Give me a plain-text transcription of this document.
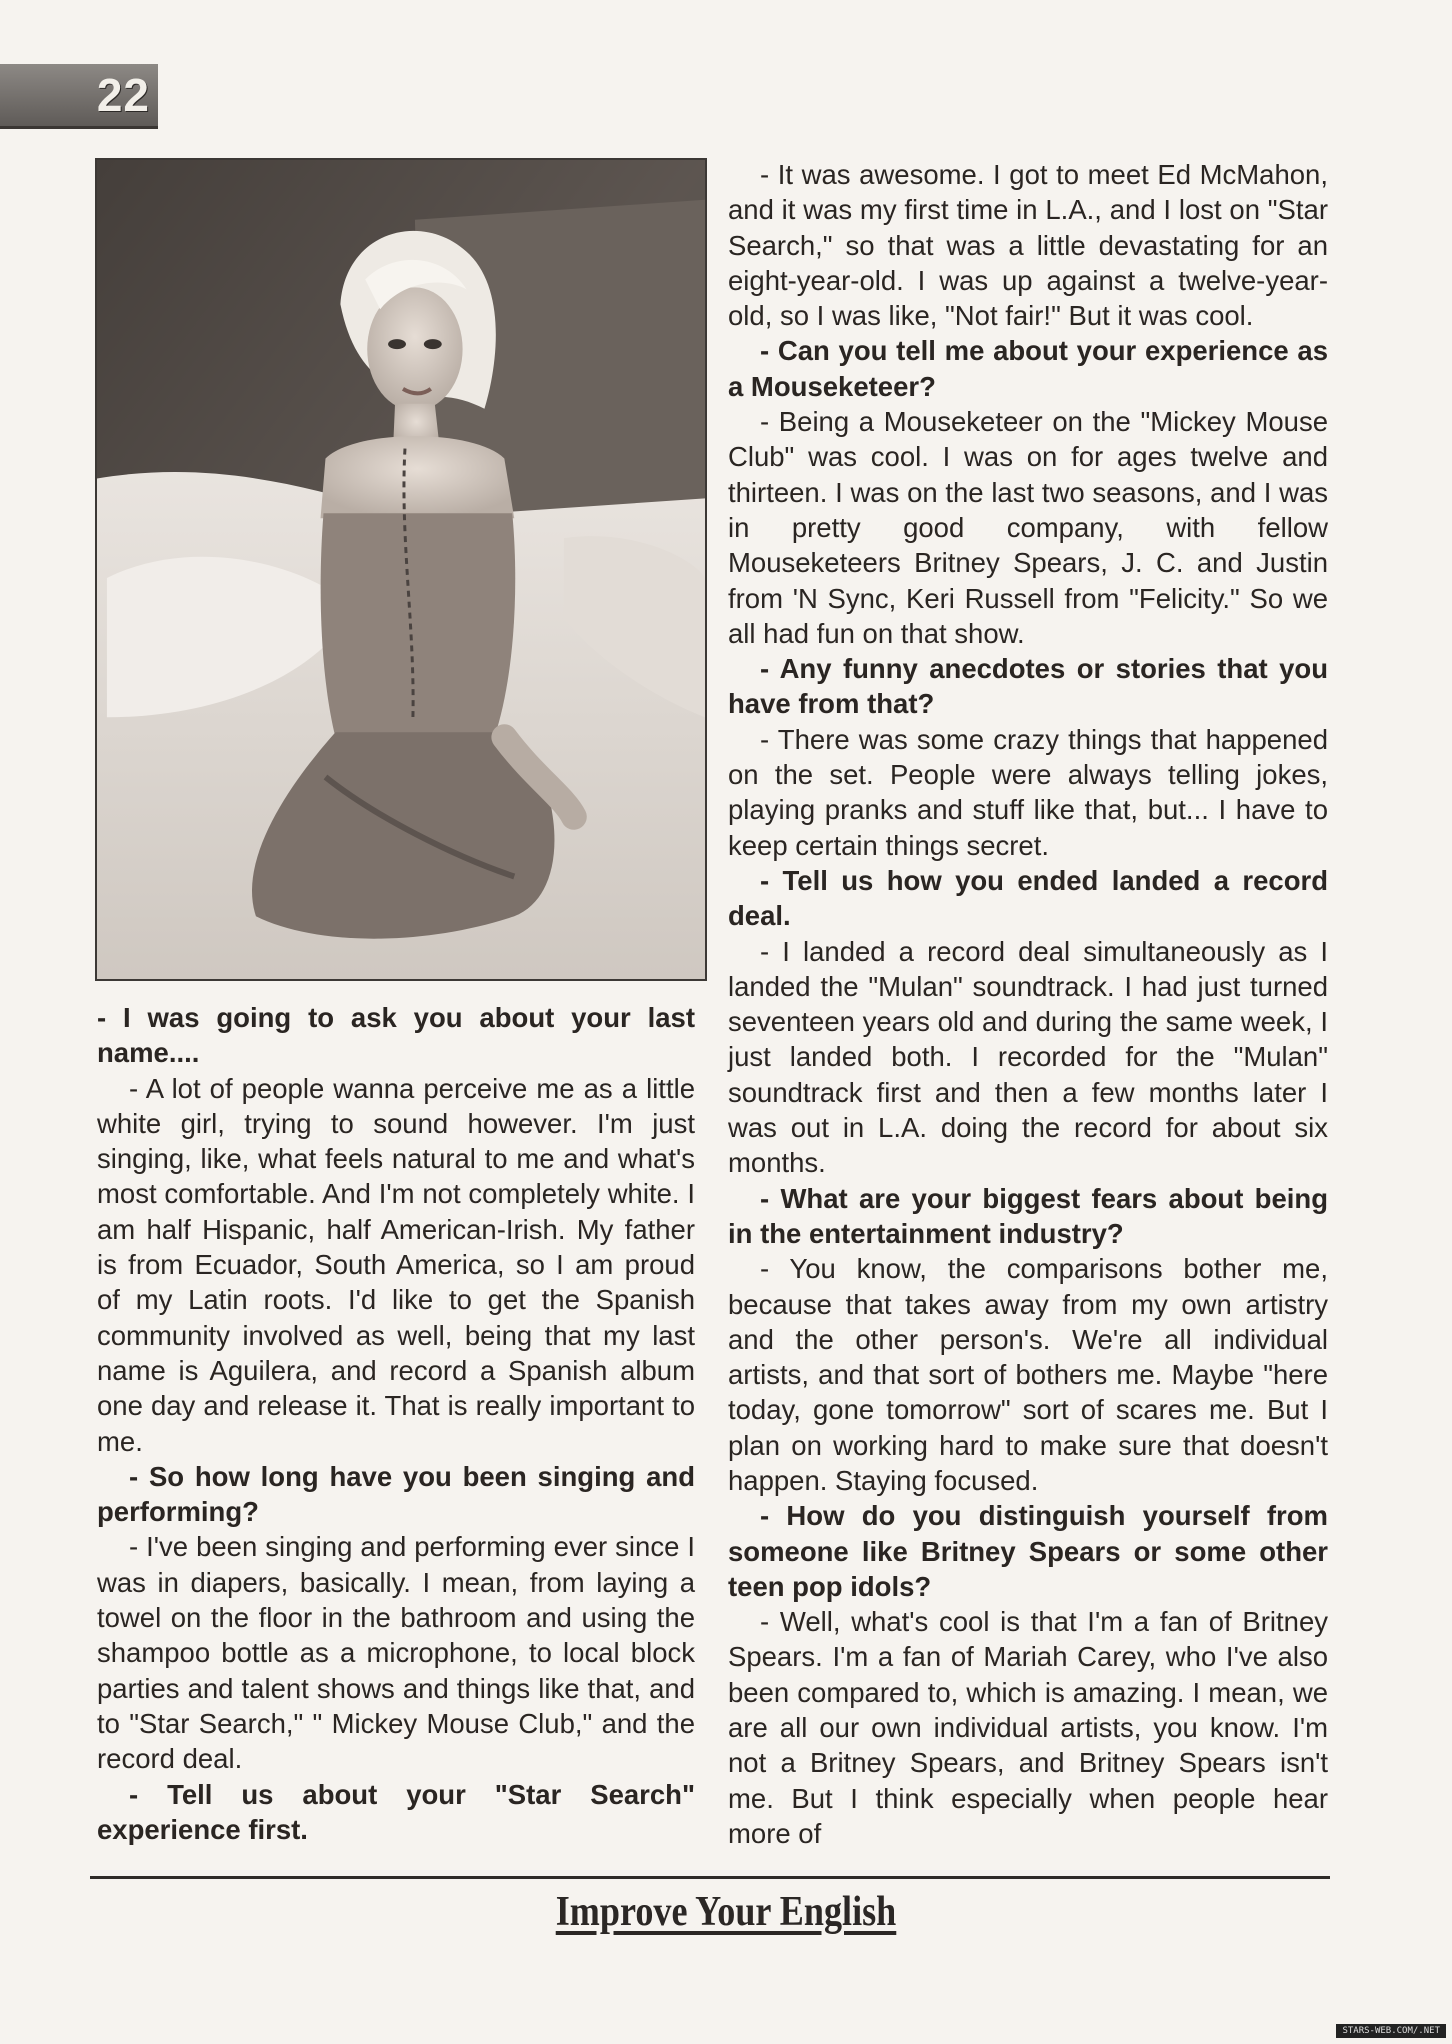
22

- I was going to ask you about your last name....

- A lot of people wanna perceive me as a little white girl, trying to sound however. I'm just singing, like, what feels natural to me and what's most comfortable. And I'm not completely white. I am half Hispanic, half American-Irish. My father is from Ecuador, South America, so I am proud of my Latin roots. I'd like to get the Spanish community involved as well, being that my last name is Aguilera, and record a Spanish album one day and release it. That is really important to me.

- So how long have you been singing and performing?

- I've been singing and performing ever since I was in diapers, basically. I mean, from laying a towel on the floor in the bathroom and using the shampoo bottle as a microphone, to local block parties and talent shows and things like that, and to "Star Search," " Mickey Mouse Club," and the record deal.

- Tell us about your "Star Search" experience first.

- It was awesome. I got to meet Ed McMahon, and it was my first time in L.A., and I lost on "Star Search," so that was a little devastating for an eight-year-old. I was up against a twelve-year-old, so I was like, "Not fair!" But it was cool.

- Can you tell me about your experience as a Mouseketeer?

- Being a Mouseketeer on the "Mickey Mouse Club" was cool. I was on for ages twelve and thirteen. I was on the last two seasons, and I was in pretty good company, with fellow Mouseketeers Britney Spears, J. C. and Justin from 'N Sync, Keri Russell from "Felicity." So we all had fun on that show.

- Any funny anecdotes or stories that you have from that?

- There was some crazy things that happened on the set. People were always telling jokes, playing pranks and stuff like that, but... I have to keep certain things secret.

- Tell us how you ended landed a record deal.

- I landed a record deal simultaneously as I landed the "Mulan" soundtrack. I had just turned seventeen years old and during the same week, I just landed both. I recorded for the "Mulan" soundtrack first and then a few months later I was out in L.A. doing the record for about six months.

- What are your biggest fears about being in the entertainment industry?

- You know, the comparisons bother me, because that takes away from my own artistry and the other person's. We're all individual artists, and that sort of bothers me. Maybe "here today, gone tomorrow" sort of scares me. But I plan on working hard to make sure that doesn't happen. Staying focused.

- How do you distinguish yourself from someone like Britney Spears or some other teen pop idols?

- Well, what's cool is that I'm a fan of Britney Spears. I'm a fan of Mariah Carey, who I've also been compared to, which is amazing. I mean, we are all our own individual artists, you know. I'm not a Britney Spears, and Britney Spears isn't me. But I think especially when people hear more of

Improve Your English
STARS-WEB.COM/.NET
